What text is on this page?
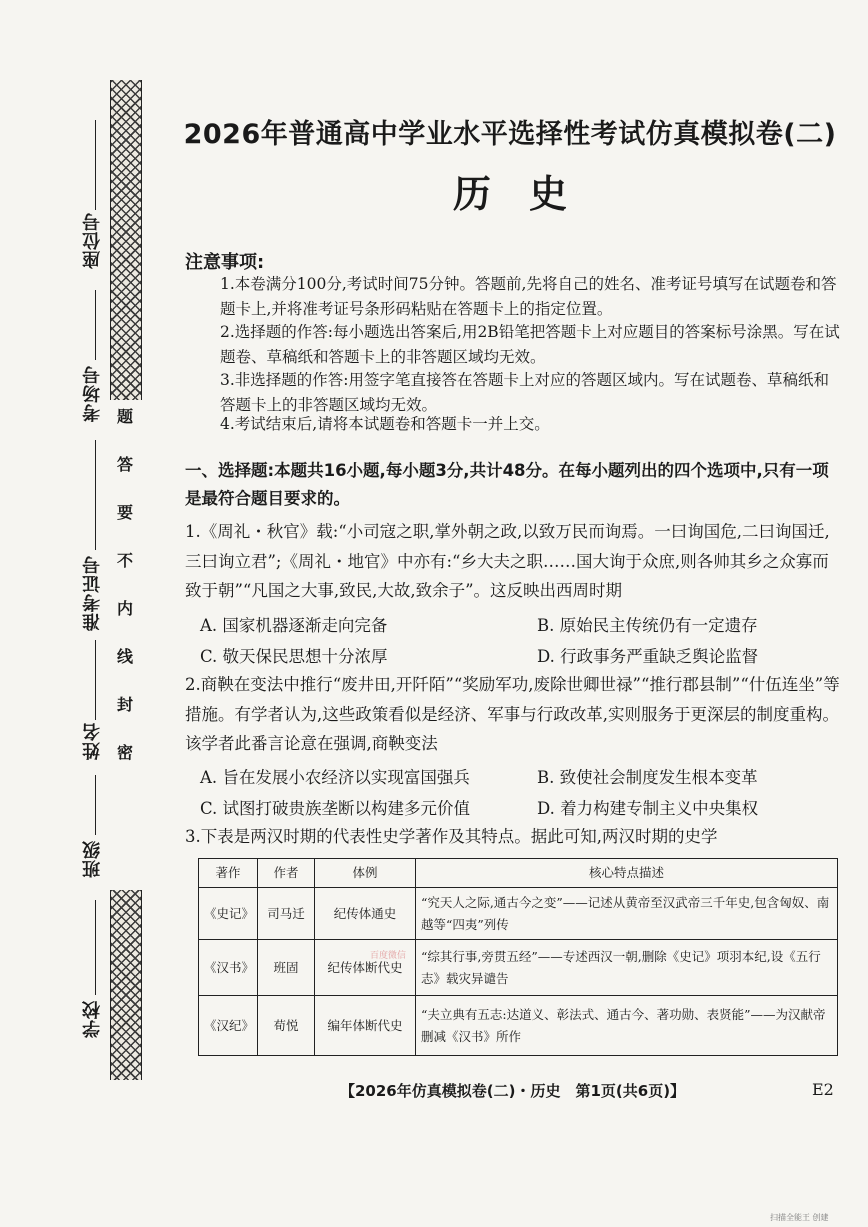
题
答
要
不
内
线
封
密
座位号
考场号
准考证号
姓名
班级
学校
2026年普通高中学业水平选择性考试仿真模拟卷(二)
历　史
注意事项:
1.本卷满分100分,考试时间75分钟。答题前,先将自己的姓名、准考证号填写在试题卷和答题卡上,并将准考证号条形码粘贴在答题卡上的指定位置。
2.选择题的作答:每小题选出答案后,用2B铅笔把答题卡上对应题目的答案标号涂黑。写在试题卷、草稿纸和答题卡上的非答题区域均无效。
3.非选择题的作答:用签字笔直接答在答题卡上对应的答题区域内。写在试题卷、草稿纸和答题卡上的非答题区域均无效。
4.考试结束后,请将本试题卷和答题卡一并上交。
一、选择题:本题共16小题,每小题3分,共计48分。在每小题列出的四个选项中,只有一项是最符合题目要求的。
1.《周礼・秋官》载:“小司寇之职,掌外朝之政,以致万民而询焉。一曰询国危,二曰询国迁,三曰询立君”;《周礼・地官》中亦有:“乡大夫之职……国大询于众庶,则各帅其乡之众寡而致于朝”“凡国之大事,致民,大故,致余子”。这反映出西周时期
A. 国家机器逐渐走向完备	B. 原始民主传统仍有一定遗存
C. 敬天保民思想十分浓厚	D. 行政事务严重缺乏舆论监督
2.商鞅在变法中推行“废井田,开阡陌”“奖励军功,废除世卿世禄”“推行郡县制”“什伍连坐”等措施。有学者认为,这些政策看似是经济、军事与行政改革,实则服务于更深层的制度重构。该学者此番言论意在强调,商鞅变法
A. 旨在发展小农经济以实现富国强兵	B. 致使社会制度发生根本变革
C. 试图打破贵族垄断以构建多元价值	D. 着力构建专制主义中央集权
3.下表是两汉时期的代表性史学著作及其特点。据此可知,两汉时期的史学
著作	作者	体例	核心特点描述
《史记》	司马迁	纪传体通史	“究天人之际,通古今之变”——记述从黄帝至汉武帝三千年史,包含匈奴、南越等“四夷”列传
《汉书》	班固	纪传体断代史	“综其行事,旁贯五经”——专述西汉一朝,删除《史记》项羽本纪,设《五行志》载灾异谴告
《汉纪》	荀悦	编年体断代史	“夫立典有五志:达道义、彰法式、通古今、著功勋、表贤能”——为汉献帝删减《汉书》所作
百度微信
【2026年仿真模拟卷(二)・历史　第1页(共6页)】	E2
扫描全能王 创建
